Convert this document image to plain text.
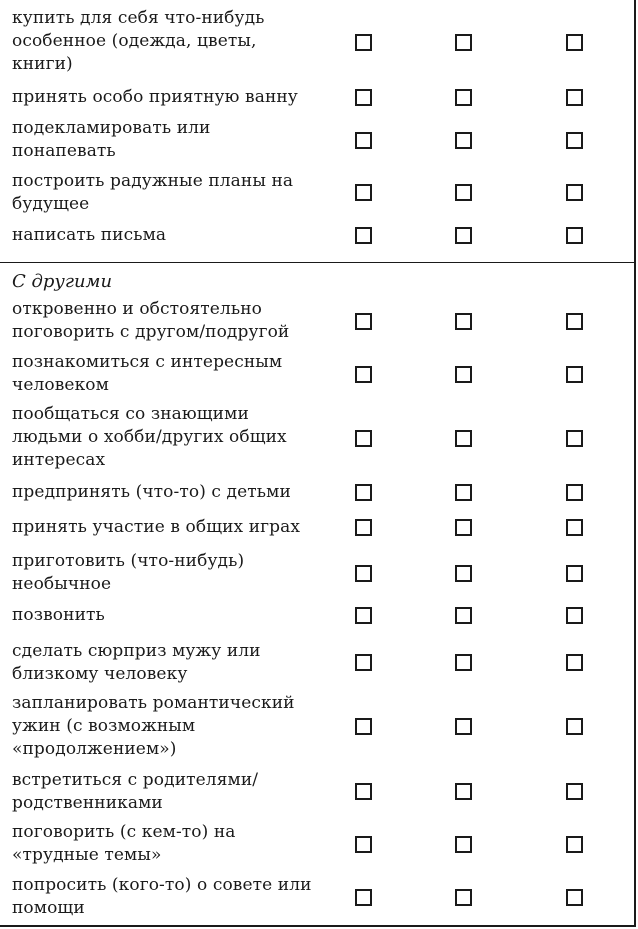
купить для себя что-нибудь особенное (одежда, цветы, книги)
принять особо приятную ванну
подекламировать или понапевать
построить радужные планы на будущее
написать письма
С другими
откровенно и обстоятельно поговорить с другом/подругой
познакомиться с интересным человеком
пообщаться со знающими людьми о хобби/других общих интересах
предпринять (что-то) с детьми
принять участие в общих играх
приготовить (что-нибудь) необычное
позвонить
сделать сюрприз мужу или близкому человеку
запланировать романтический ужин (с возможным «продолжением»)
встретиться с родителями/ родственниками
поговорить (с кем-то) на «трудные темы»
попросить (кого-то) о совете или помощи
